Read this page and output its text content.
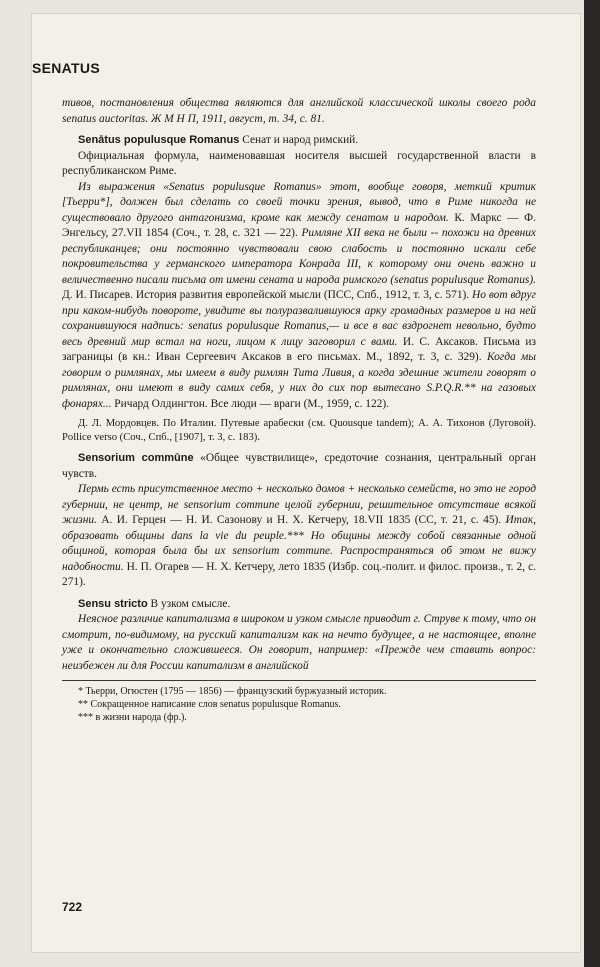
SENATUS

тивов, постановления общества являются для английской классической школы своего рода senatus auctoritas. Ж М Н П, 1911, август, т. 34, с. 81.

Senātus populusque Romanus Сенат и народ римский.

Официальная формула, наименовавшая носителя высшей государственной власти в республиканском Риме.

Из выражения «Senatus populusque Romanus» этот, вообще говоря, меткий критик [Тьерри*], должен был сделать со своей точки зрения, вывод, что в Риме никогда не существовало другого антагонизма, кроме как между сенатом и народом. К. Маркс — Ф. Энгельсу, 27.VII 1854 (Соч., т. 28, с. 321 — 22). Римляне XII века не были -- похожи на древних республиканцев; они постоянно чувствовали свою слабость и постоянно искали себе покровительства у германского императора Конрада III, к которому они очень важно и величественно писали письма от имени сената и народа римского (senatus populusque Romanus). Д. И. Писарев. История развития европейской мысли (ПСС, Спб., 1912, т. 3, с. 571). Но вот вдруг при каком-нибудь повороте, увидите вы полуразвалившуюся арку громадных размеров и на ней сохранившуюся надпись: senatus populusque Romanus,— и все в вас вздрогнет невольно, будто весь древний мир встал на ноги, лицом к лицу заговорил с вами. И. С. Аксаков. Письма из заграницы (в кн.: Иван Сергеевич Аксаков в его письмах. М., 1892, т. 3, с. 329). Когда мы говорим о римлянах, мы имеем в виду римлян Тита Ливия, а когда здешние жители говорят о римлянах, они имеют в виду самих себя, у них до сих пор вытесано S.P.Q.R.** на газовых фонарях... Ричард Олдингтон. Все люди — враги (М., 1959, с. 122).

Д. Л. Мордовцев. По Италии. Путевые арабески (см. Quousque tandem); А. А. Тихонов (Луговой). Pollice verso (Соч., Спб., [1907], т. 3, с. 183).

Sensorium commūne «Общее чувствилище», средоточие сознания, центральный орган чувств.

Пермь есть присутственное место + несколько домов + несколько семейств, но это не город губернии, не центр, не sensorium commune целой губернии, решительное отсутствие всякой жизни. А. И. Герцен — Н. И. Сазонову и Н. Х. Кетчеру, 18.VII 1835 (СС, т. 21, с. 45). Итак, образовать общины dans la vie du peuple.*** Но общины между собой связанные одной общиной, которая была бы их sensorium commune. Распространяться об этом не вижу надобности. Н. П. Огарев — Н. Х. Кетчеру, лето 1835 (Избр. соц.-полит. и филос. произв., т. 2, с. 271).

Sensu stricto В узком смысле.

Неясное различие капитализма в широком и узком смысле приводит г. Струве к тому, что он смотрит, по-видимому, на русский капитализм как на нечто будущее, а не настоящее, вполне уже и окончательно сложившееся. Он говорит, например: «Прежде чем ставить вопрос: неизбежен ли для России капитализм в английской

* Тьерри, Огюстен (1795 — 1856) — французский буржуазный историк.

** Сокращенное написание слов senatus populusque Romanus.

*** в жизни народа (фр.).

722
